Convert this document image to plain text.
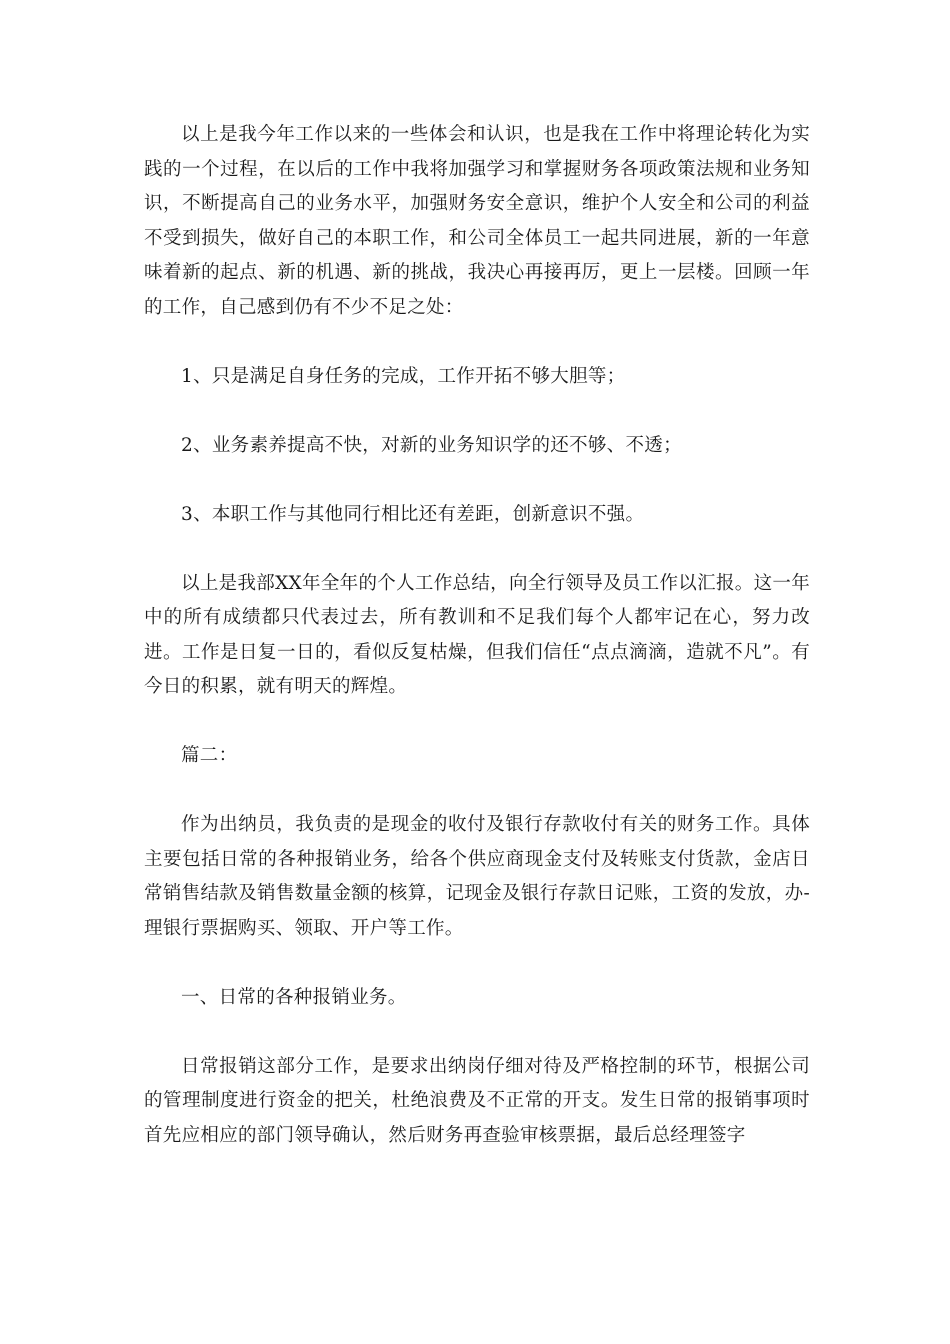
以上是我今年工作以来的一些体会和认识，也是我在工作中将理论转化为实践的一个过程，在以后的工作中我将加强学习和掌握财务各项政策法规和业务知识，不断提高自己的业务水平，加强财务安全意识，维护个人安全和公司的利益不受到损失，做好自己的本职工作，和公司全体员工一起共同进展，新的一年意味着新的起点、新的机遇、新的挑战，我决心再接再厉，更上一层楼。回顾一年的工作，自己感到仍有不少不足之处：

1、只是满足自身任务的完成，工作开拓不够大胆等；

2、业务素养提高不快，对新的业务知识学的还不够、不透；

3、本职工作与其他同行相比还有差距，创新意识不强。

以上是我部XX年全年的个人工作总结，向全行领导及员工作以汇报。这一年中的所有成绩都只代表过去，所有教训和不足我们每个人都牢记在心，努力改进。工作是日复一日的，看似反复枯燥，但我们信任“点点滴滴，造就不凡”。有今日的积累，就有明天的辉煌。

篇二：

作为出纳员，我负责的是现金的收付及银行存款收付有关的财务工作。具体主要包括日常的各种报销业务，给各个供应商现金支付及转账支付货款，金店日常销售结款及销售数量金额的核算，记现金及银行存款日记账，工资的发放，办-理银行票据购买、领取、开户等工作。

一、日常的各种报销业务。

日常报销这部分工作，是要求出纳岗仔细对待及严格控制的环节，根据公司的管理制度进行资金的把关，杜绝浪费及不正常的开支。发生日常的报销事项时首先应相应的部门领导确认，然后财务再查验审核票据，最后总经理签字
